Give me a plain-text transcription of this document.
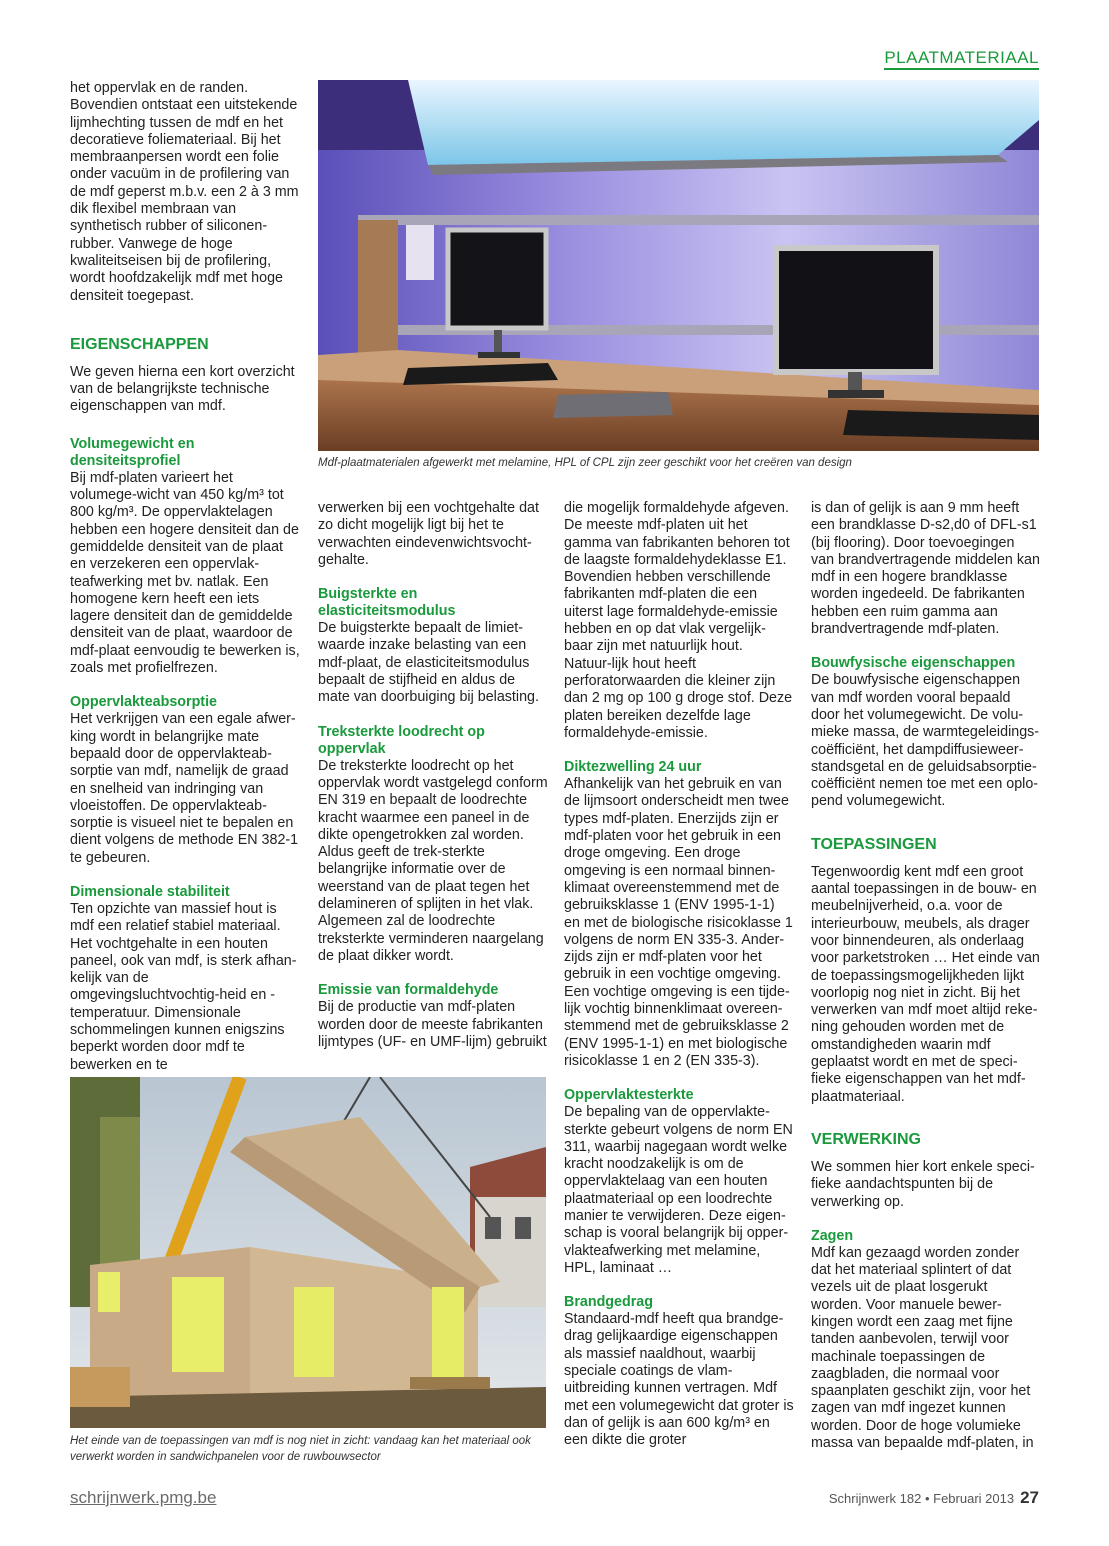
PLAATMATERIAAL
Mdf-plaatmaterialen afgewerkt met melamine, HPL of CPL zijn zeer geschikt voor het creëren van design

het oppervlak en de randen. Bovendien ontstaat een uitstekende lijmhechting tussen de mdf en het decoratieve foliemateriaal. Bij het membraanpersen wordt een folie onder vacuüm in de profilering van de mdf geperst m.b.v. een 2 à 3 mm dik flexibel membraan van synthetisch rubber of siliconen-rubber. Vanwege de hoge kwaliteitseisen bij de profilering, wordt hoofdzakelijk mdf met hoge densiteit toegepast.

EIGENSCHAPPEN

We geven hierna een kort overzicht van de belangrijkste technische eigenschappen van mdf.

Volumegewicht en densiteitsprofiel

Bij mdf-platen varieert het volumege-wicht van 450 kg/m³ tot 800 kg/m³. De oppervlaktelagen hebben een hogere densiteit dan de gemiddelde densiteit van de plaat en verzekeren een oppervlak-teafwerking met bv. natlak. Een homogene kern heeft een iets lagere densiteit dan de gemiddelde densiteit van de plaat, waardoor de mdf-plaat eenvoudig te bewerken is, zoals met profielfrezen.

Oppervlakteabsorptie

Het verkrijgen van een egale afwer-king wordt in belangrijke mate bepaald door de oppervlakteab-sorptie van mdf, namelijk de graad en snelheid van indringing van vloeistoffen. De oppervlakteab-sorptie is visueel niet te bepalen en dient volgens de methode EN 382-1 te gebeuren.

Dimensionale stabiliteit

Ten opzichte van massief hout is mdf een relatief stabiel materiaal. Het vochtgehalte in een houten paneel, ook van mdf, is sterk afhan-kelijk van de omgevingsluchtvochtig-heid en -temperatuur. Dimensionale schommelingen kunnen enigszins beperkt worden door mdf te bewerken en te

verwerken bij een vochtgehalte dat zo dicht mogelijk ligt bij het te verwachten eindevenwichtsvocht-gehalte.

Buigsterkte en elasticiteitsmodulus

De buigsterkte bepaalt de limiet-waarde inzake belasting van een mdf-plaat, de elasticiteitsmodulus bepaalt de stijfheid en aldus de mate van doorbuiging bij belasting.

Treksterkte loodrecht op oppervlak

De treksterkte loodrecht op het oppervlak wordt vastgelegd conform EN 319 en bepaalt de loodrechte kracht waarmee een paneel in de dikte opengetrokken zal worden. Aldus geeft de trek-sterkte belangrijke informatie over de weerstand van de plaat tegen het delamineren of splijten in het vlak. Algemeen zal de loodrechte treksterkte verminderen naargelang de plaat dikker wordt.

Emissie van formaldehyde

Bij de productie van mdf-platen worden door de meeste fabrikanten lijmtypes (UF- en UMF-lijm) gebruikt

die mogelijk formaldehyde afgeven. De meeste mdf-platen uit het gamma van fabrikanten behoren tot de laagste formaldehydeklasse E1. Bovendien hebben verschillende fabrikanten mdf-platen die een uiterst lage formaldehyde-emissie hebben en op dat vlak vergelijk-baar zijn met natuurlijk hout. Natuur-lijk hout heeft perforatorwaarden die kleiner zijn dan 2 mg op 100 g droge stof. Deze platen bereiken dezelfde lage formaldehyde-emissie.

Diktezwelling 24 uur

Afhankelijk van het gebruik en van de lijmsoort onderscheidt men twee types mdf-platen. Enerzijds zijn er mdf-platen voor het gebruik in een droge omgeving. Een droge omgeving is een normaal binnen-klimaat overeenstemmend met de gebruiksklasse 1 (ENV 1995-1-1) en met de biologische risicoklasse 1 volgens de norm EN 335-3. Ander-zijds zijn er mdf-platen voor het gebruik in een vochtige omgeving. Een vochtige omgeving is een tijde-lijk vochtig binnenklimaat overeen-stemmend met de gebruiksklasse 2 (ENV 1995-1-1) en met biologische risicoklasse 1 en 2 (EN 335-3).

Oppervlaktesterkte

De bepaling van de oppervlakte-sterkte gebeurt volgens de norm EN 311, waarbij nagegaan wordt welke kracht noodzakelijk is om de oppervlaktelaag van een houten plaatmateriaal op een loodrechte manier te verwijderen. Deze eigen-schap is vooral belangrijk bij opper-vlakteafwerking met melamine, HPL, laminaat …

Brandgedrag

Standaard-mdf heeft qua brandge-drag gelijkaardige eigenschappen als massief naaldhout, waarbij speciale coatings de vlam-uitbreiding kunnen vertragen. Mdf met een volumegewicht dat groter is dan of gelijk is aan 600 kg/m³ en een dikte die groter

is dan of gelijk is aan 9 mm heeft een brandklasse D-s2,d0 of DFL-s1 (bij flooring). Door toevoegingen van brandvertragende middelen kan mdf in een hogere brandklasse worden ingedeeld. De fabrikanten hebben een ruim gamma aan brandvertragende mdf-platen.

Bouwfysische eigenschappen

De bouwfysische eigenschappen van mdf worden vooral bepaald door het volumegewicht. De volu-mieke massa, de warmtegeleidings-coëfficiënt, het dampdiffusieweer-standsgetal en de geluidsabsorptie-coëfficiënt nemen toe met een oplo-pend volumegewicht.

TOEPASSINGEN

Tegenwoordig kent mdf een groot aantal toepassingen in de bouw- en meubelnijverheid, o.a. voor de interieurbouw, meubels, als drager voor binnendeuren, als onderlaag voor parketstroken … Het einde van de toepassingsmogelijkheden lijkt voorlopig nog niet in zicht. Bij het verwerken van mdf moet altijd reke-ning gehouden worden met de omstandigheden waarin mdf geplaatst wordt en met de speci-fieke eigenschappen van het mdf-plaatmateriaal.

VERWERKING

We sommen hier kort enkele speci-fieke aandachtspunten bij de verwerking op.

Zagen

Mdf kan gezaagd worden zonder dat het materiaal splintert of dat vezels uit de plaat losgerukt worden. Voor manuele bewer-kingen wordt een zaag met fijne tanden aanbevolen, terwijl voor machinale toepassingen de zaagbladen, die normaal voor spaanplaten geschikt zijn, voor het zagen van mdf ingezet kunnen worden. Door de hoge volumieke massa van bepaalde mdf-platen, in

Het einde van de toepassingen van mdf is nog niet in zicht: vandaag kan het materiaal ook verwerkt worden in sandwichpanelen voor de ruwbouwsector
schrijnwerk.pmg.be	Schrijnwerk 182 • Februari 2013 27
